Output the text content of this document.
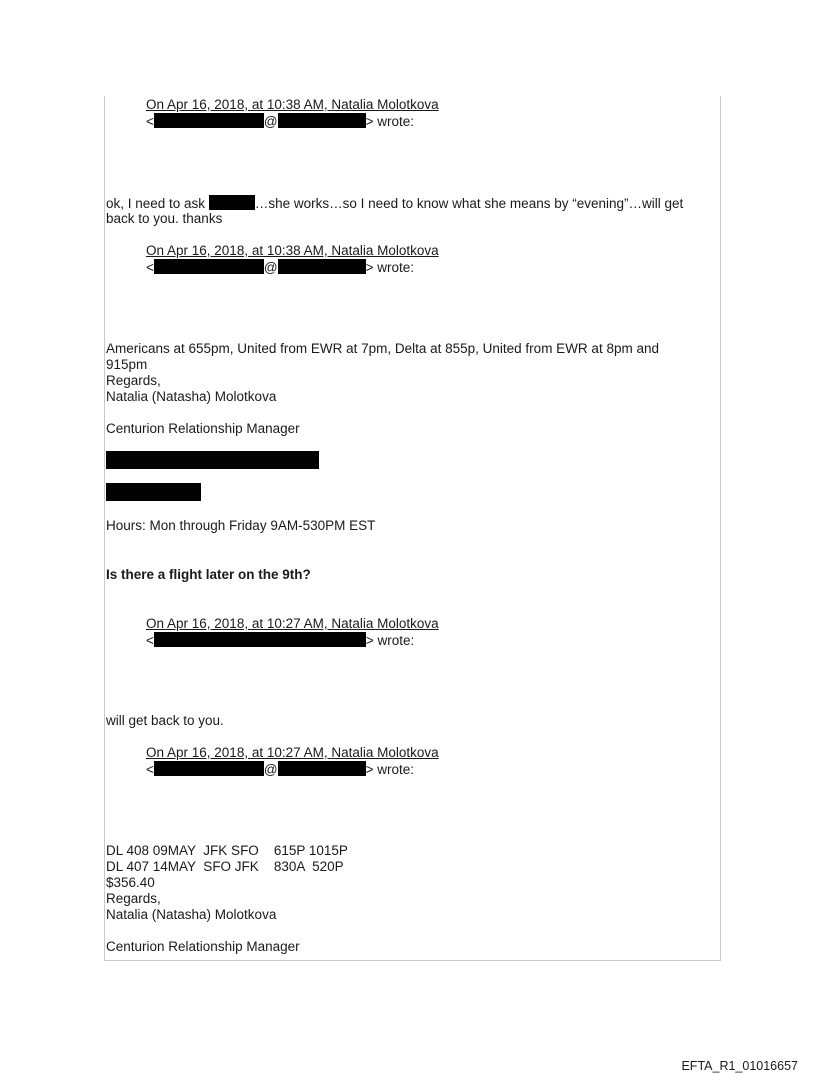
On Apr 16, 2018, at 10:38 AM, Natalia Molotkova

<	@	> wrote:

ok, I need to ask	…she works…so I need to know what she means by “evening”…will get

back to you. thanks

On Apr 16, 2018, at 10:38 AM, Natalia Molotkova

<	@	> wrote:

Americans at 655pm, United from EWR at 7pm, Delta at 855p, United from EWR at 8pm and

915pm

Regards,

Natalia (Natasha) Molotkova

Centurion Relationship Manager

Hours: Mon through Friday 9AM-530PM EST

Is there a flight later on the 9th?

On Apr 16, 2018, at 10:27 AM, Natalia Molotkova

<	> wrote:

will get back to you.

On Apr 16, 2018, at 10:27 AM, Natalia Molotkova

<	@	> wrote:

DL 408 09MAY  JFK SFO    615P 1015P

DL 407 14MAY  SFO JFK    830A  520P

$356.40

Regards,

Natalia (Natasha) Molotkova

Centurion Relationship Manager

EFTA_R1_01016657
